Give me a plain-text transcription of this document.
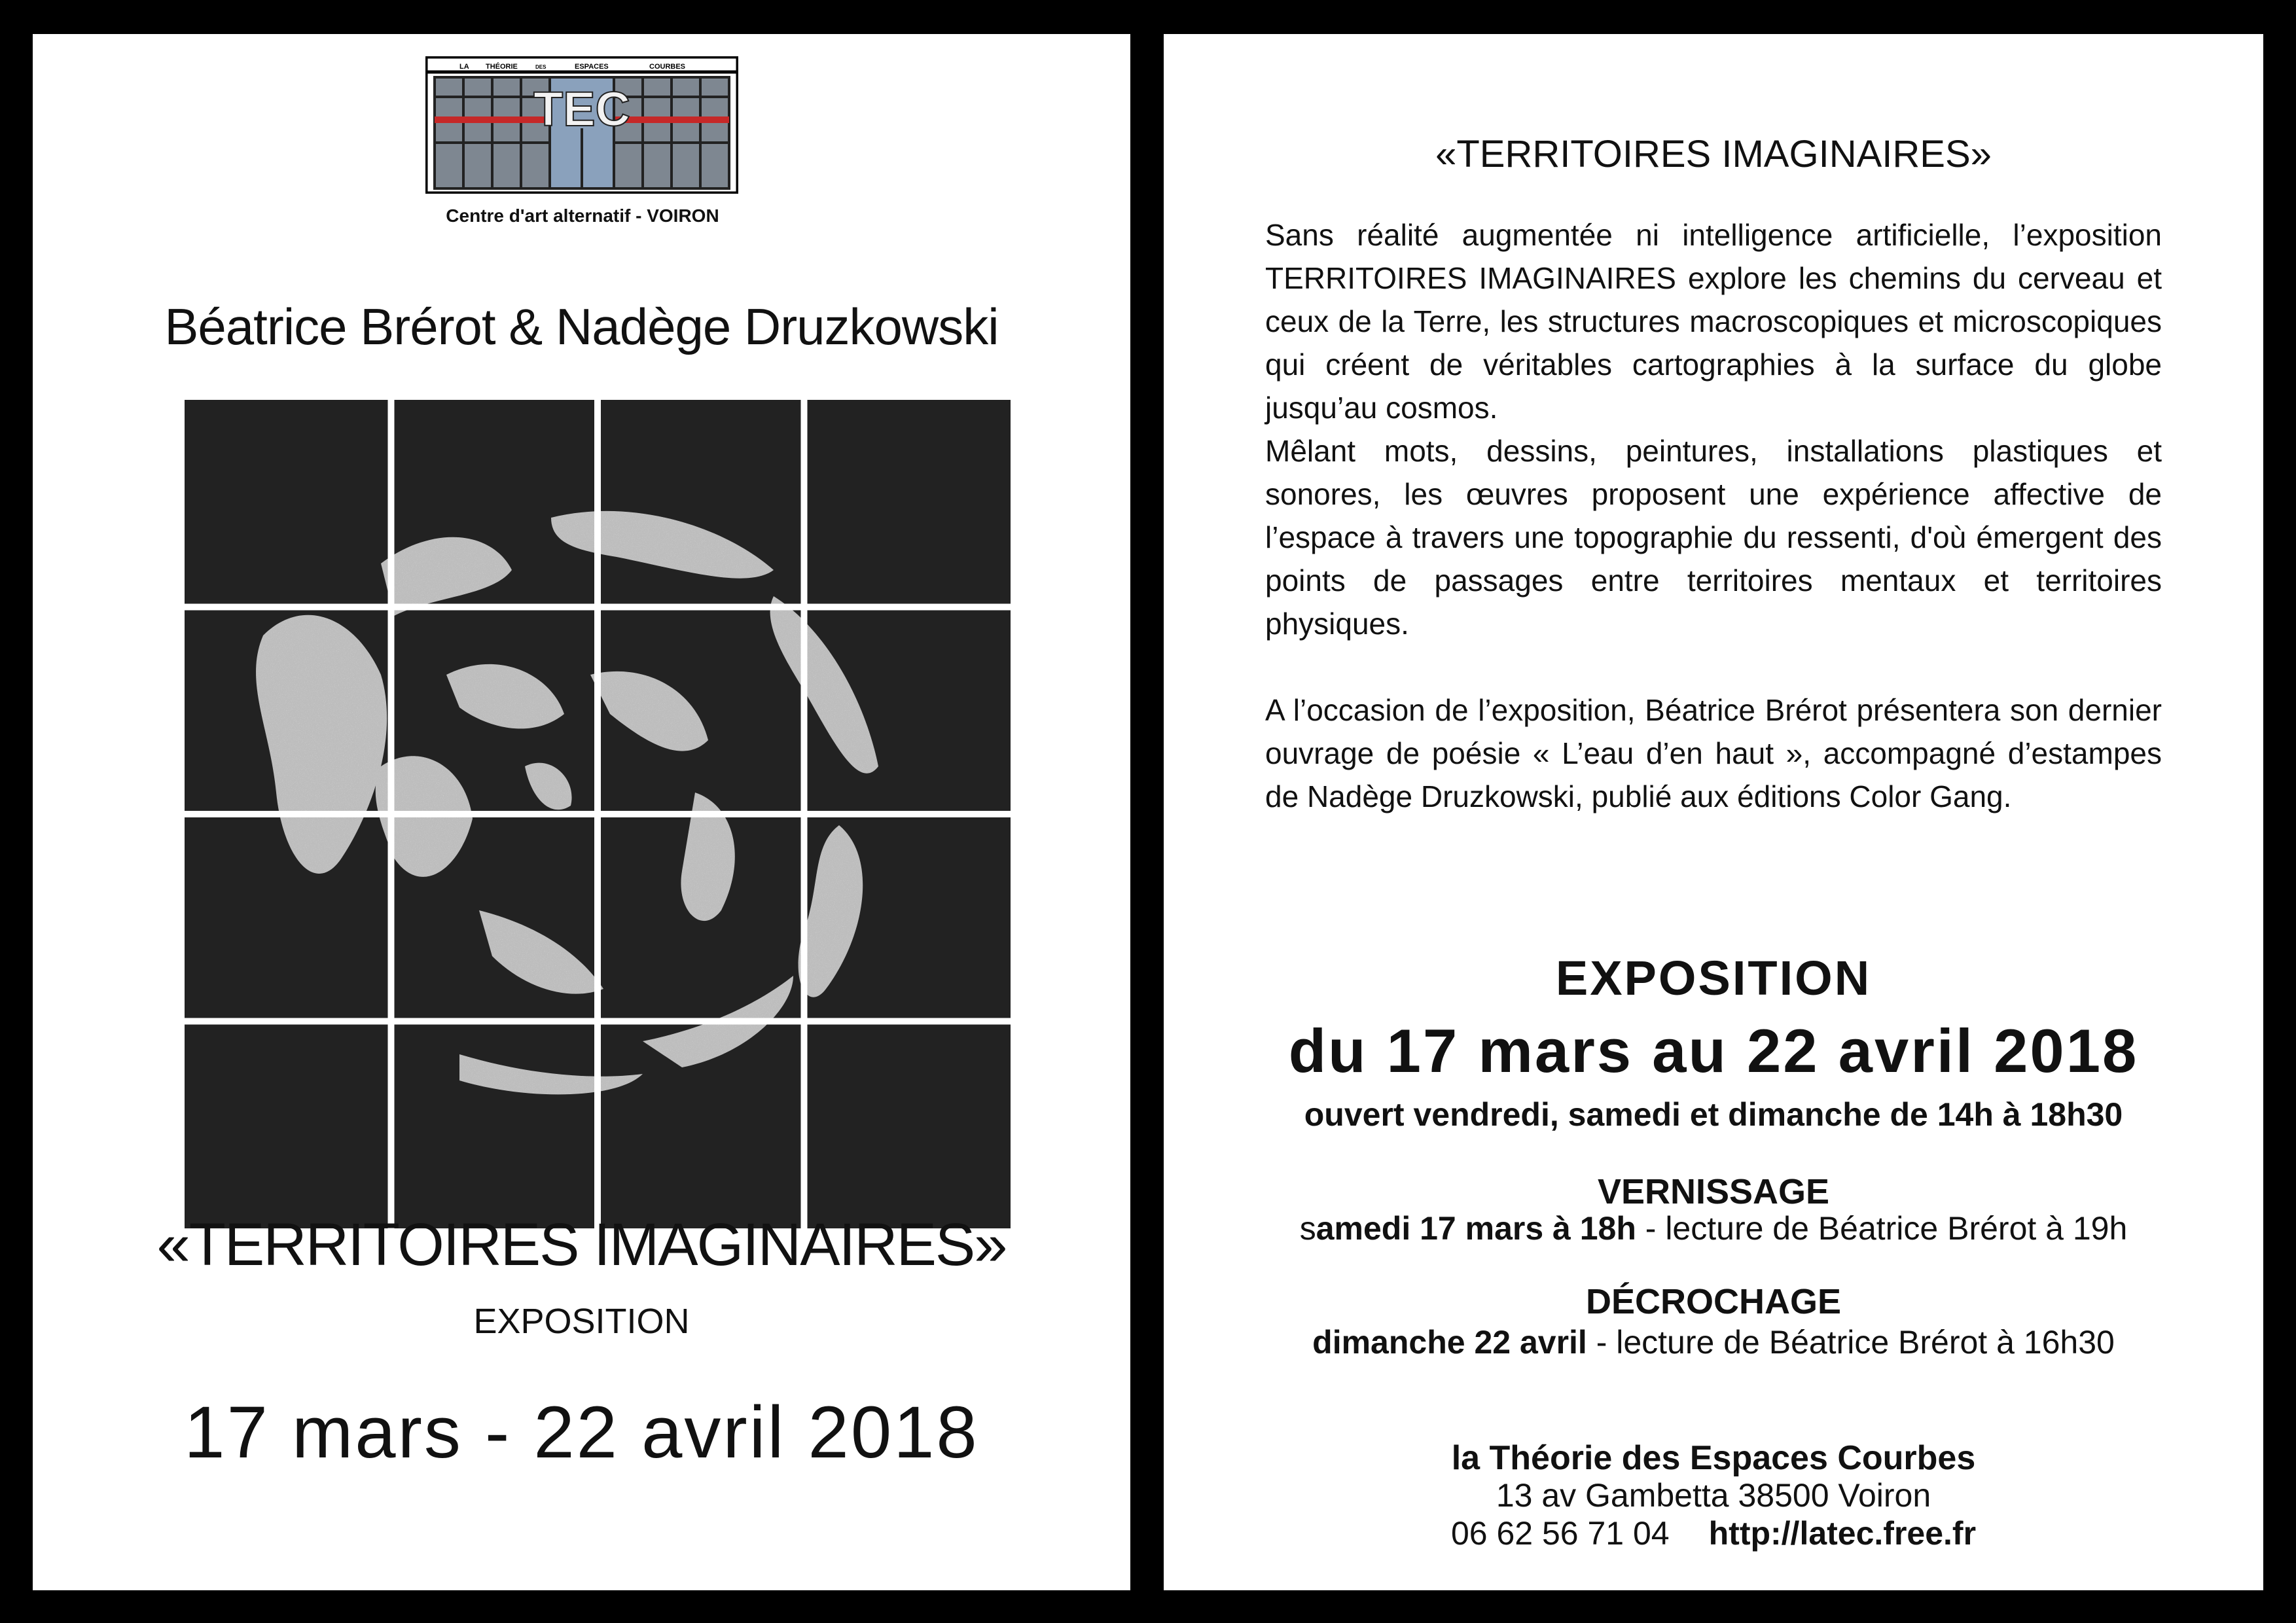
LA THÉORIE	DES	ESPACES	COURBES
TEC
Centre d'art alternatif - VOIRON
Béatrice Brérot & Nadège Druzkowski
«TERRITOIRES IMAGINAIRES»
EXPOSITION
17 mars - 22 avril 2018
«TERRITOIRES IMAGINAIRES»

Sans réalité augmentée ni intelligence artificielle, l’exposition TERRITOIRES IMAGINAIRES explore les chemins du cerveau et ceux de la Terre, les structures macroscopiques et microscopiques qui créent de véritables cartographies à la surface du globe jusqu’au cosmos.

Mêlant mots, dessins, peintures, installations plastiques et sonores, les œuvres proposent une expérience affective de l’espace à travers une topographie du ressenti, d'où émergent des points de passages entre territoires mentaux et territoires physiques.

A l’occasion de l’exposition, Béatrice Brérot présentera son dernier ouvrage de poésie « L’eau d’en haut », accompagné d’estampes de Nadège Druzkowski, publié aux éditions Color Gang.

EXPOSITION
du 17 mars au 22 avril 2018
ouvert vendredi, samedi et dimanche de 14h à 18h30
VERNISSAGE
samedi 17 mars à 18h - lecture de Béatrice Brérot à 19h
DÉCROCHAGE
dimanche 22 avril - lecture de Béatrice Brérot à 16h30
la Théorie des Espaces Courbes
13 av Gambetta 38500 Voiron
06 62 56 71 04 http://latec.free.fr
